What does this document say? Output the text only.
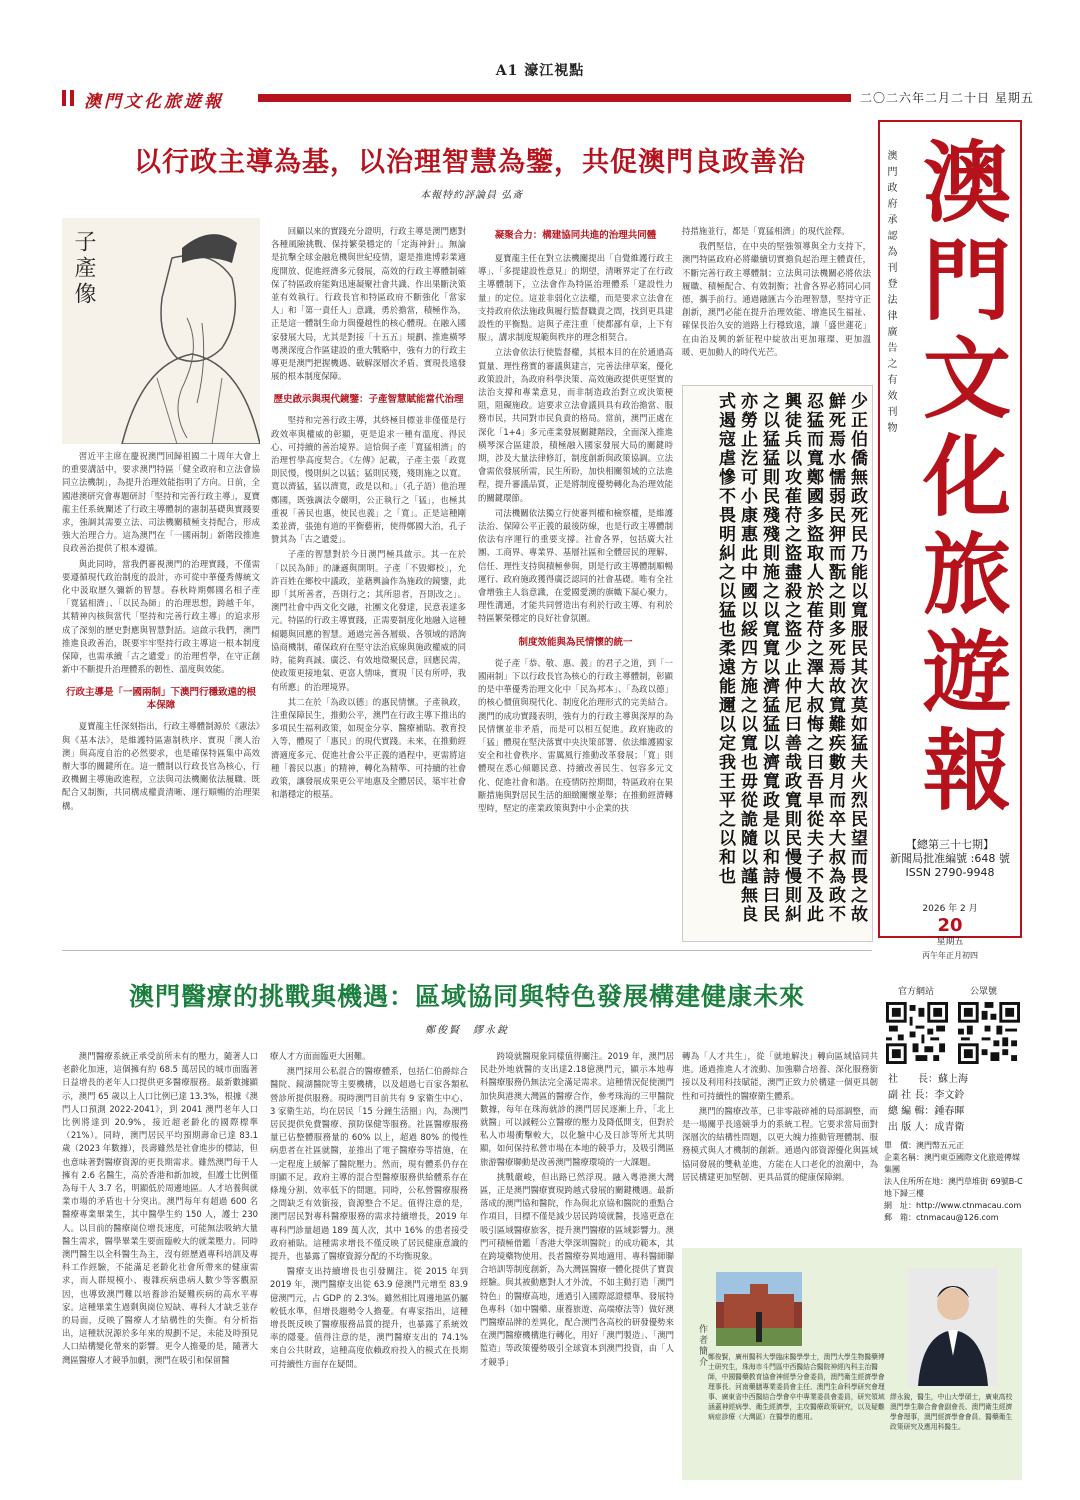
A1 濠江視點
澳門文化旅遊報	二〇二六年二月二十日 星期五
以行政主導為基，以治理智慧為鑒，共促澳門良政善治
本報特約評論員 弘斎
子產像

習近平主席在慶祝澳門回歸祖國二十周年大會上的重要講話中，要求澳門特區「健全政府和立法會協同立法機制」，為提升治理效能指明了方向。日前，全國港澳研究會專題研討「堅持和完善行政主導」，夏寶龍主任系統闡述了行政主導體制的憲制基礎與實踐要求，強調其需要立法、司法機關積極支持配合，形成強大治理合力。這為澳門在「一國兩制」新階段推進良政善治提供了根本遵循。

與此同時，當我們審視澳門的治理實踐，不僅需要遵循現代政治制度的設計，亦可從中華優秀傳統文化中汲取歷久彌新的智慧。春秋時期鄭國名相子產「寬猛相濟」、「以民為師」的治理思想，跨越千年，其精神內核與當代「堅持和完善行政主導」的追求形成了深刻的歷史對應與智慧對話。這啟示我們，澳門推進良政善治，既要牢牢堅持行政主導這一根本制度保障，也需承續「古之遺愛」的治理哲學，在守正創新中不斷提升治理體系的韌性、溫度與效能。

行政主導是「一國兩制」下澳門行穩致遠的根本保障

夏寶龍主任深刻指出，行政主導體制源於《憲法》與《基本法》，是維護特區憲制秩序、實現「澳人治澳」與高度自治的必然要求，也是確保特區集中高效辦大事的關鍵所在。這一體制以行政長官為核心，行政機關主導施政進程，立法與司法機關依法履職、既配合又制衡，共同構成權責清晰、運行順暢的治理架構。

回顧以來的實踐充分證明，行政主導是澳門應對各種風險挑戰、保持繁榮穩定的「定海神針」。無論是抗擊全球金融危機與世紀疫情，還是推進博彩業適度開放、促進經濟多元發展，高效的行政主導體制確保了特區政府能夠迅速凝聚社會共識、作出果斷決策並有效執行。行政長官和特區政府不斷強化「當家人」和「第一責任人」意識，勇於擔當，積極作為，正是這一體制生命力與優越性的核心體現。在融入國家發展大局，尤其是對接「十五五」規劃、推進橫琴粵澳深度合作區建設的重大戰略中，強有力的行政主導更是澳門把握機遇、破解深層次矛盾、實現長遠發展的根本制度保障。

歷史啟示與現代鏡鑒：子產智慧賦能當代治理

堅持和完善行政主導，其終極目標並非僅僅是行政效率與權威的彰顯，更是追求一種有溫度、得民心、可持續的善治境界。這恰與子產「寬猛相濟」的治理哲學高度契合。《左傳》記載，子產主張「政寬則民慢，慢則糾之以猛；猛則民殘，殘則施之以寬。寬以濟猛，猛以濟寬，政是以和。」（孔子語）他治理鄭國，既強調法令嚴明，公正執行之「猛」，也極其重視「善民也惠，使民也義」之「寬」。正是這種剛柔並濟，張弛有道的平衡藝術，使得鄭國大治，孔子贊其為「古之遺愛」。

子產的智慧對於今日澳門極具啟示。其一在於「以民為師」的謙遜與開明。子產「不毀鄉校」，允許百姓在鄉校中議政，並藉輿論作為施政的鏡鑒，此即「其所善者，吾則行之；其所惡者，吾則改之」。澳門社會中西文化交融，社團文化發達，民意表達多元。特區的行政主導實踐，正需要制度化地融入這種傾聽與回應的智慧。通過完善各層級、各領域的諮詢協商機制，確保政府在堅守法治底線與施政權威的同時，能夠真誠、廣泛、有效地徵聚民意，回應民需，使政策更接地氣、更富人情味，實現「民有所呼，我有所應」的治理境界。

其二在於「為政以德」的惠民情懷。子產執政，注重保障民生，推動公平，澳門在行政主導下推出的多項民生福利政策，如現金分享、醫療補貼、教育投入等，體現了「惠民」的現代實踐。未來，在推動經濟適度多元、促進社會公平正義的過程中，更需將這種「養民以惠」的精神，轉化為精準、可持續的社會政策，讓發展成果更公平地惠及全體居民，築牢社會和諧穩定的根基。

凝聚合力：構建協同共進的治理共同體

夏寶龍主任在對立法機關提出「自覺維護行政主導」、「多提建設性意見」的期望，清晰界定了在行政主導體制下，立法會作為特區治理體系「建設性力量」的定位。這並非弱化立法權，而是要求立法會在支持政府依法施政與履行監督職責之間，找到更具建設性的平衡點。這與子產注重「使都鄙有章，上下有服」，講求制度規範與秩序的理念相契合。

立法會依法行使監督權，其根本目的在於通過高質量、理性務實的審議與建言，完善法律草案，優化政策設計，為政府科學決策、高效施政提供更堅實的法治支撐和專業意見，而非制造政治對立或決策梗阻，阻礙施政。這要求立法會議員具有政治擔當、服務市民，共同對市民負責的格局。當前，澳門正處在深化「1+4」多元產業發展關鍵階段，全面深入推進橫琴深合區建設，積極融入國家發展大局的關鍵時期，涉及大量法律修訂，制度創新與政策協調。立法會需依發展所需，民生所盼，加快相關領域的立法進程，提升審議品質，正是將制度優勢轉化為治理效能的關鍵環節。

司法機關依法獨立行使審判權和檢察權，是維護法治、保障公平正義的最後防線，也是行政主導體制依法有序運行的重要支撐。社會各界，包括廣大社團、工商界、專業界、基層社區和全體居民的理解、信任、理性支持與積極參與，則是行政主導體制順暢運行、政府施政獲得廣泛認同的社會基礎。唯有全社會增強主人翁意識，在愛國愛澳的旗幟下凝心聚力，理性溝通，才能共同營造出有利於行政主導、有利於特區繁榮穩定的良好社會氛圍。

制度效能與為民情懷的統一

從子產「恭、敬、惠、義」的君子之道，到「一國兩制」下以行政長官為核心的行政主導體制，彰顯的是中華優秀治理文化中「民為邦本」、「為政以德」的核心價值與現代化、制度化治理形式的完美結合。澳門的成功實踐表明，強有力的行政主導與深厚的為民情懷並非矛盾，而是可以相互促進。政府施政的「猛」體現在堅決落實中央決策部署、依法維護國家安全和社會秩序、雷厲風行推動改革發展；「寬」則體現在悉心傾聽民意、持續改善民生、包容多元文化、促進社會和諧。在疫情防控期間，特區政府在果斷措施與對居民生活的細緻關懷並舉；在推動經濟轉型時，堅定的產業政策與對中小企業的扶

持措施並行，都是「寬猛相濟」的現代詮釋。

我們堅信，在中央的堅強領導與全力支持下，澳門特區政府必將繼續切實擔負起治理主體責任，不斷完善行政主導體制；立法與司法機關必將依法履職、積極配合、有效制衡；社會各界必將同心同德，攜手前行。通過融匯古今治理智慧，堅持守正創新，澳門必能在提升治理效能、增進民生福祉、確保長治久安的道路上行穩致遠，讓「盛世蓮花」在由治及興的新征程中綻放出更加璀璨、更加溫暖、更加動人的時代光芒。

少正伯僑無政死民乃能以寬服民其次莫如猛夫火烈民望而畏之故鮮死焉水懦弱民狎而翫之則多死焉故寬難疾數月而卒大叔為政不忍猛而寬鄭國多盜取人於萑苻之澤大叔悔之曰吾早從夫子不及此興徒兵以攻萑苻之盜盡殺之盜少止仲尼曰善哉政寬則民慢慢則糾之以猛猛則民殘殘則施之以寬寬以濟猛猛以濟寬政是以和詩曰民亦勞止汔可小康惠此中國以綏四方施之以寬也毋從詭隨以謹無良式遏寇虐慘不畏明糾之以猛也柔遠能邇以定我王平之以和也
澳門政府承認為刊登法律廣告之有效刊物 澳門文化旅遊報
【總第三十七期】
新聞局批准編號 :648 號
ISSN 2790-9948
2026 年 2 月
20
星期五
丙午年正月初四
澳門醫療的挑戰與機遇：區域協同與特色發展構建健康未來
鄭俊賢　繆永銳

澳門醫療系統正承受前所未有的壓力，隨著人口老齡化加速，這個擁有約 68.5 萬居民的城市面臨著日益增長的老年人口提供更多醫療服務。最新數據顯示，澳門 65 歲以上人口比例已達 13.3%，根據《澳門人口預測 2022-2041》，到 2041 澳門老年人口比例將達到 20.9%，接近超老齡化的國際標準（21%）。同時，澳門居民平均預期壽命已達 83.1 歲（2023 年數據），長壽雖然是社會進步的標誌，但也意味著對醫療資源的更長期需求。雖然澳門每千人擁有 2.6 名醫生，高於香港和新加坡，但護士比例僅為每千人 3.7 名，明顯低於周邊地區。人才培養與就業市場的矛盾也十分突出。澳門每年有超過 600 名醫療專業畢業生，其中醫學生約 150 人，護士 230 人。以目前的醫療崗位增長速度，可能無法吸納大量醫生需求，醫學畢業生要面臨較大的就業壓力。同時澳門醫生以全科醫生為主，沒有經歷過專科培訓及專科工作經驗，不能滿足老齡化社會所帶來的健康需求，而人群規模小、複雜疾病患病人數少等客觀原因，也導致澳門難以培養診治疑難疾病的高水平專家。這種畢業生過剩與崗位短缺、專科人才缺乏並存的局面，反映了醫療人才結構性的失衡。有分析指出，這種狀況源於多年來的規劃不足，未能及時預見人口結構變化帶來的影響。更令人擔憂的是，隨著大灣區醫療人才競爭加劇，澳門在吸引和保留醫

療人才方面面臨更大困難。

澳門採用公私混合的醫療體系，包括仁伯爵綜合醫院、鏡湖醫院等主要機構，以及超過七百家各類私營診所提供服務。現時澳門目前共有 9 家衛生中心、3 家衛生站，均在居民「15 分鐘生活圈」內，為澳門居民提供免費醫療、預防保健等服務。社區醫療服務量已佔整體服務量的 60% 以上，超過 80% 的慢性病患者在社區就醫，並推出了電子醫療券等措施，在一定程度上緩解了醫院壓力。然而，現有體系仍存在明顯不足。政府主導的混合型醫療服務供給體系存在條塊分割、效率低下的問題。同時，公私營醫療服務之間缺乏有效銜接，資源整合不足。值得注意的是，澳門居民對專科醫療服務的需求持續增長，2019 年專科門診量超過 189 萬人次，其中 16% 的患者接受政府補貼。這種需求增長不僅反映了居民健康意識的提升，也暴露了醫療資源分配的不均衡現象。

醫療支出持續增長也引發關注。從 2015 年到 2019 年，澳門醫療支出從 63.9 億澳門元增至 83.9 億澳門元，占 GDP 的 2.3%。雖然相比周邊地區仍屬較低水準，但增長趨勢令人擔憂。有專家指出，這種增長既反映了醫療服務品質的提升，也暴露了系統效率的隱憂。值得注意的是，澳門醫療支出的 74.1% 來自公共財政，這種高度依賴政府投入的模式在長期可持續性方面存在疑問。

跨境就醫現象同樣值得關注。2019 年，澳門居民赴外地就醫的支出達2.18億澳門元，顯示本地專科醫療服務仍無法完全滿足需求。這種情況促使澳門加快與港澳大灣區的醫療合作，參考珠海的三甲醫院數據，每年在珠海就診的澳門居民逐漸上升，「北上就醫」可以減輕公立醫療的壓力及降低開支，但對於私人市場衝擊較大，以化驗中心及日診等所尤其明顯，如何保持私營市場在本地的競爭力，及吸引灣區旅游醫療聯動是改善澳門醫療環境的一大課題。

挑戰嚴峻，但出路已然浮現。融入粵港澳大灣區，正是澳門醫療實現跨越式發展的關鍵機遇。最新落成的澳門協和醫院，作為與北京協和醫院的重點合作項目，目標不僅是減少居民跨境就醫，長遠更意在吸引區域醫療旅客，提升澳門醫療的區域影響力。澳門可積極借鑑「香港大學深圳醫院」的成功範本，其在跨境藥物使用、長者醫療券異地適用、專科醫師聯合培訓等制度創新，為大灣區醫療一體化提供了寶貴經驗。與其被動應對人才外流，不如主動打造「澳門特色」的醫療高地，通過引入國際認證標準、發展特色專科（如中醫藥、康養旅遊、高端療法等）做好澳門醫療品牌的差異化，配合澳門各高校的研發優勢來在澳門醫療機構進行轉化，用好「澳門製造」、「澳門監造」等政策優勢吸引全球資本到澳門投資，由「人才競爭」

轉為「人才共生」，從「就地解決」轉向區域協同共進。通過推進人才流動、加強聯合培養、深化服務銜接以及利用科技賦能，澳門正致力於構建一個更具韌性和可持續性的醫療衛生體系。

澳門的醫療改革，已非零敲碎補的局部調整，而是一場關乎長遠競爭力的系統工程。它要求當局面對深層次的結構性問題，以更大魄力推動管理體制、服務模式與人才機制的創新。通過內部資源優化與區域協同發展的雙軌並進，方能在人口老化的浪潮中，為居民構建更加堅韌、更具品質的健康保障網。

官方網站	公眾號
社　　長：蘇上海
副 社 長：李文鈴
總 編 輯：鍾春暉
出 版 人：成青衛
單　價：澳門幣五元正
企業名稱：澳門東亞國際文化旅遊傳媒集團
法人住所所在地：澳門草堆街 69號B-C地下歸三樓
網　址：http://www.ctnmacau.com
郵　箱：ctnmacau@126.com
作者簡介 鄭俊賢，廣州醫科大學臨床醫學學士，澳門大學生物醫藥博士研究生，珠海市斗門區中西醫結合醫院神經內科主治醫師，中國醫藥教育協會神經學分會委員，澳門衛生經濟學會理事長、河南藥膳專業委員會主任、澳門生命科學研究會理事、廣東省中西醫結合學會卒中專業委員會委員，研究領域涵蓋神經病學、衛生經濟學，主攻醫療政策研究，以及疑難病症診療（大灣區）在醫學的應用。
繆永銳，醫生，中山大學碩士，廣東高校澳門學生聯合會會副會長、澳門衛生經濟學會理事，澳門經濟學會會員、醫藥衛生政策研究及應用科醫生。
